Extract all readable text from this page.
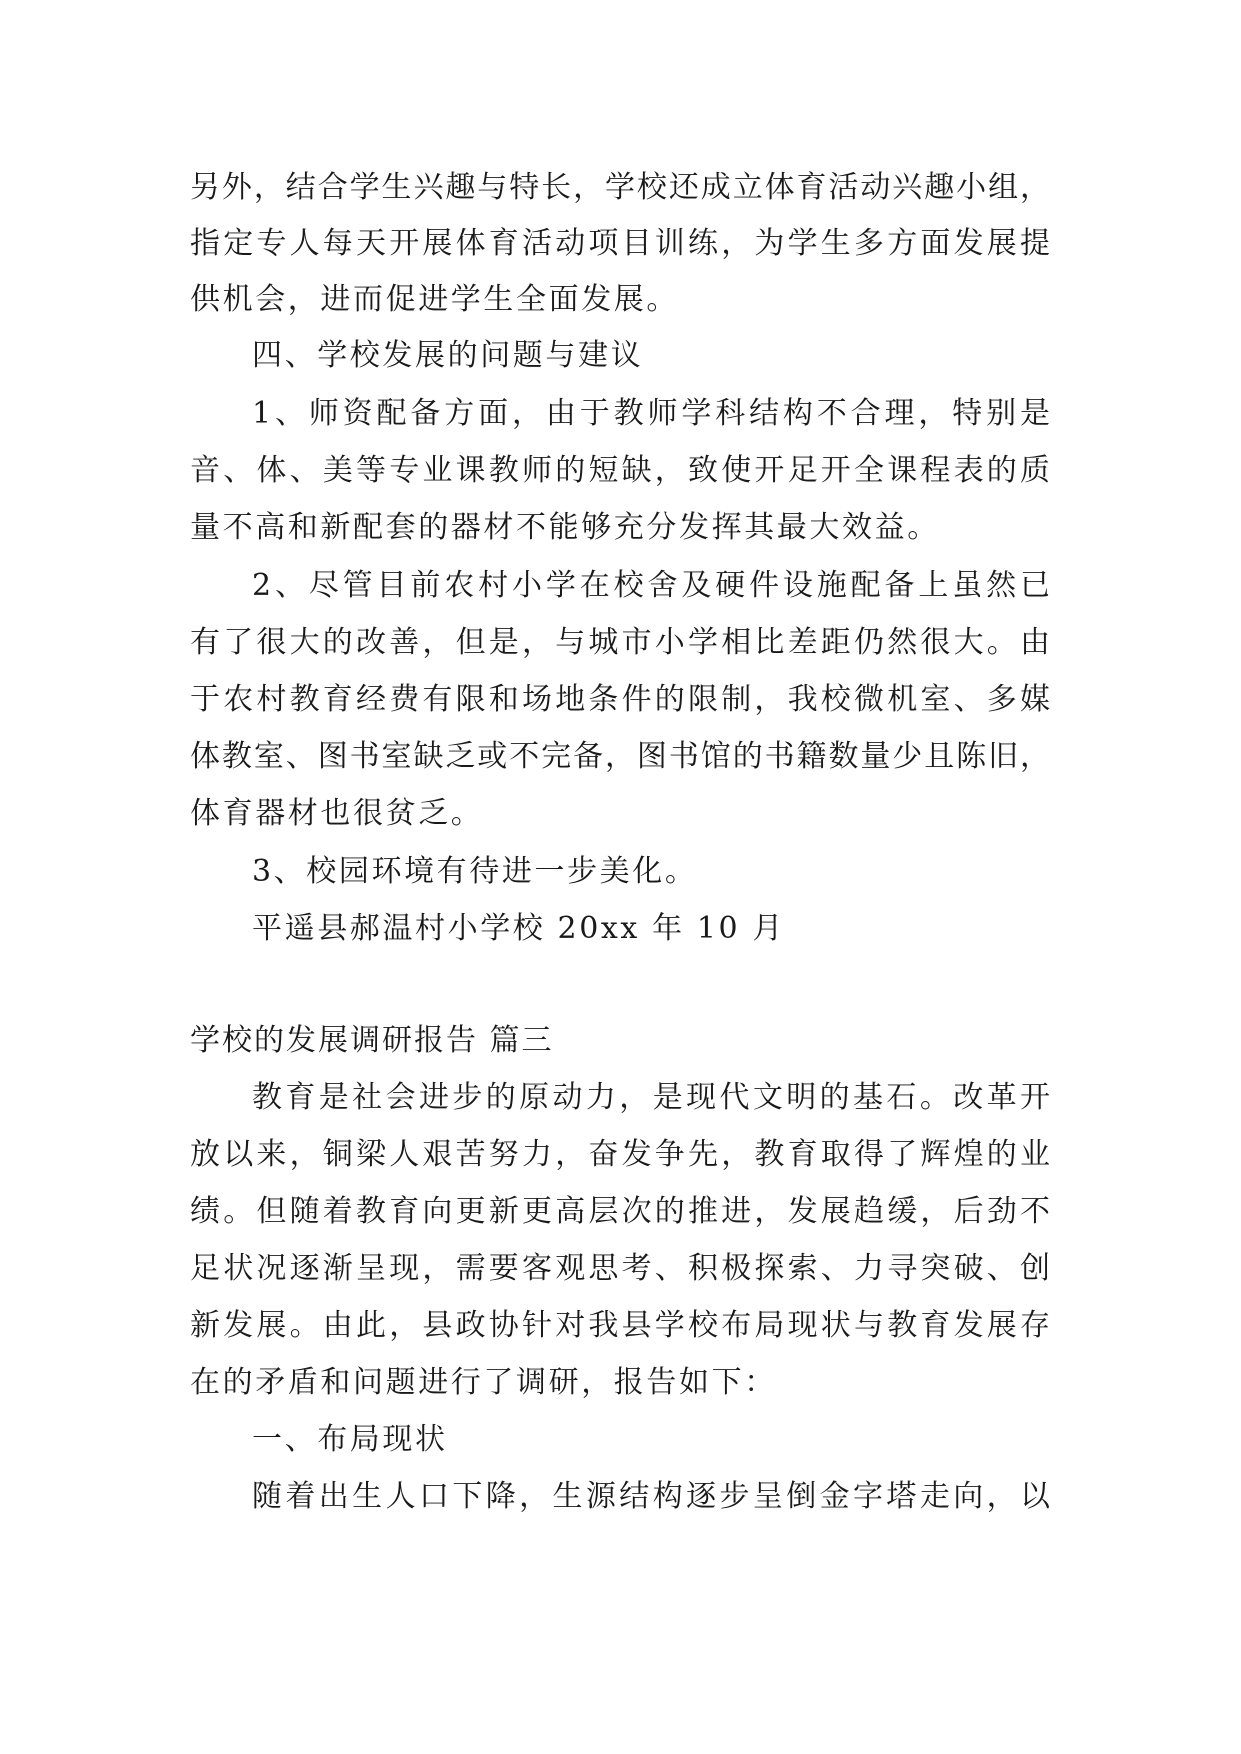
另外，结合学生兴趣与特长，学校还成立体育活动兴趣小组，
指定专人每天开展体育活动项目训练，为学生多方面发展提
供机会，进而促进学生全面发展。
四、学校发展的问题与建议
1、师资配备方面，由于教师学科结构不合理，特别是
音、体、美等专业课教师的短缺，致使开足开全课程表的质
量不高和新配套的器材不能够充分发挥其最大效益。
2、尽管目前农村小学在校舍及硬件设施配备上虽然已
有了很大的改善，但是，与城市小学相比差距仍然很大。由
于农村教育经费有限和场地条件的限制，我校微机室、多媒
体教室、图书室缺乏或不完备，图书馆的书籍数量少且陈旧，
体育器材也很贫乏。
3、校园环境有待进一步美化。
平遥县郝温村小学校 20xx 年 10 月
学校的发展调研报告 篇三
教育是社会进步的原动力，是现代文明的基石。改革开
放以来，铜梁人艰苦努力，奋发争先，教育取得了辉煌的业
绩。但随着教育向更新更高层次的推进，发展趋缓，后劲不
足状况逐渐呈现，需要客观思考、积极探索、力寻突破、创
新发展。由此，县政协针对我县学校布局现状与教育发展存
在的矛盾和问题进行了调研，报告如下：
一、布局现状
随着出生人口下降，生源结构逐步呈倒金字塔走向，以
